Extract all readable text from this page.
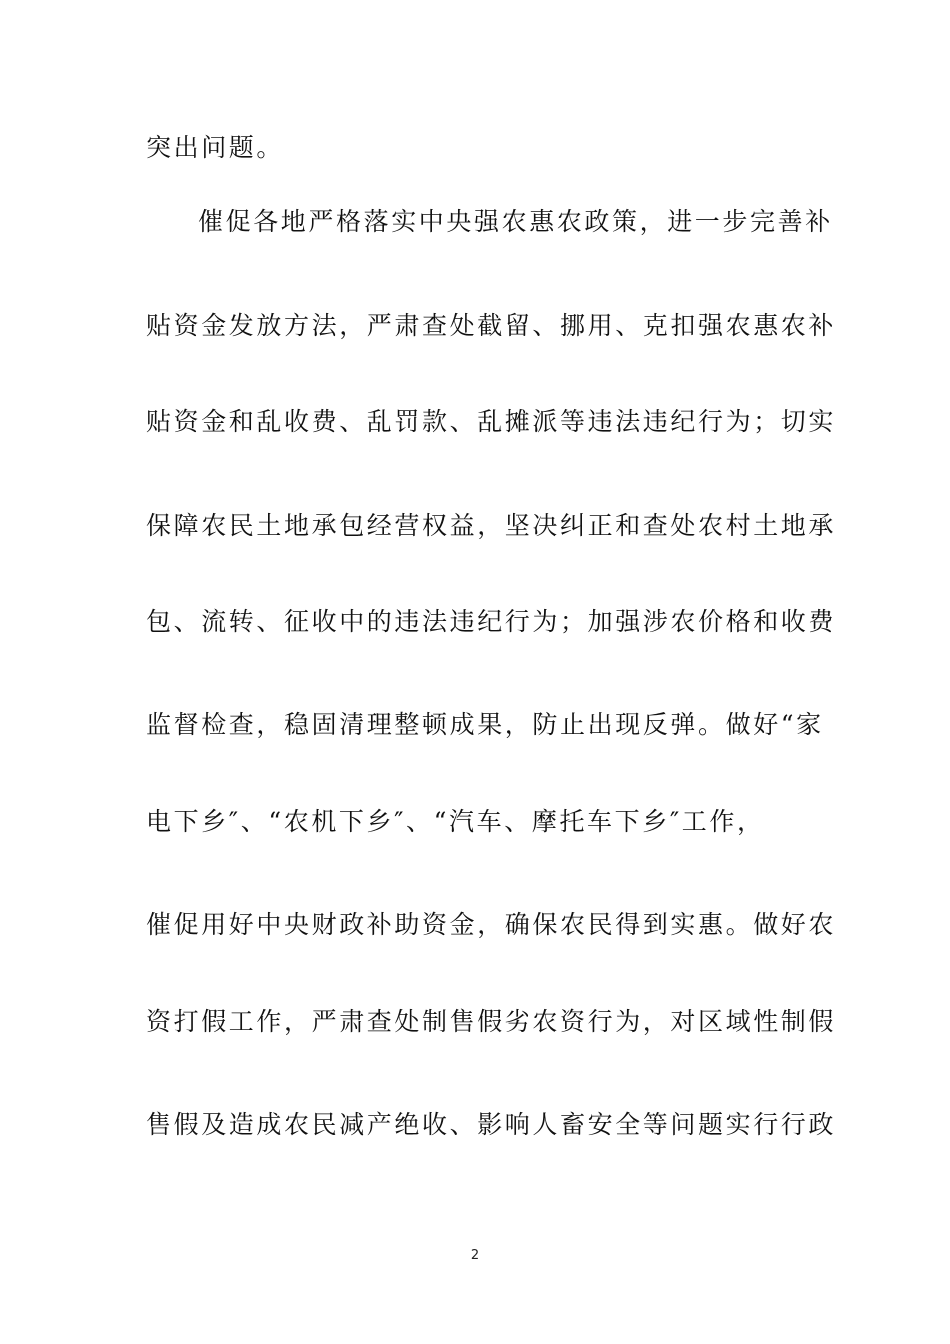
突出问题。
催促各地严格落实中央强农惠农政策，进一步完善补
贴资金发放方法，严肃查处截留、挪用、克扣强农惠农补
贴资金和乱收费、乱罚款、乱摊派等违法违纪行为；切实
保障农民土地承包经营权益，坚决纠正和查处农村土地承
包、流转、征收中的违法违纪行为；加强涉农价格和收费
监督检查，稳固清理整顿成果，防止出现反弹。做好“家
电下乡″、“农机下乡″、“汽车、摩托车下乡″工作，
催促用好中央财政补助资金，确保农民得到实惠。做好农
资打假工作，严肃查处制售假劣农资行为，对区域性制假
售假及造成农民减产绝收、影响人畜安全等问题实行行政
2
